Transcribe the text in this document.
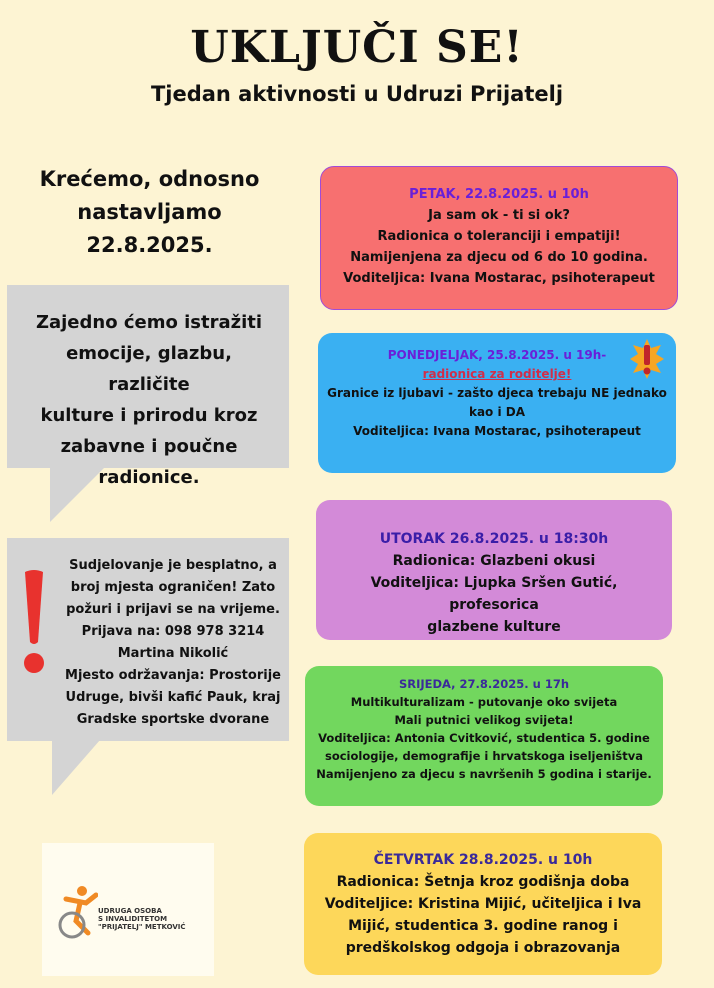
UKLJUČI SE!
Tjedan aktivnosti u Udruzi Prijatelj
Krećemo, odnosno
nastavljamo
22.8.2025.
Zajedno ćemo istražiti
emocije, glazbu, različite
kulture i prirodu kroz
zabavne i poučne
radionice.
Sudjelovanje je besplatno, a
broj mjesta ograničen! Zato
požuri i prijavi se na vrijeme.
Prijava na: 098 978 3214
Martina Nikolić
Mjesto održavanja: Prostorije
Udruge, bivši kafić Pauk, kraj
Gradske sportske dvorane
PETAK, 22.8.2025. u 10h
Ja sam ok - ti si ok?
Radionica o toleranciji i empatiji!
Namijenjena za djecu od 6 do 10 godina.
Voditeljica: Ivana Mostarac, psihoterapeut
PONEDJELJAK, 25.8.2025. u 19h-
radionica za roditelje!
Granice iz ljubavi - zašto djeca trebaju NE jednako
kao i DA
Voditeljica: Ivana Mostarac, psihoterapeut
UTORAK 26.8.2025. u 18:30h
Radionica: Glazbeni okusi
Voditeljica: Ljupka Sršen Gutić, profesorica
glazbene kulture
SRIJEDA, 27.8.2025. u 17h
Multikulturalizam - putovanje oko svijeta
Mali putnici velikog svijeta!
Voditeljica: Antonia Cvitković, studentica 5. godine
sociologije, demografije i hrvatskoga iseljeništva
Namijenjeno za djecu s navršenih 5 godina i starije.
ČETVRTAK 28.8.2025. u 10h
Radionica: Šetnja kroz godišnja doba
Voditeljice: Kristina Mijić, učiteljica i Iva
Mijić, studentica 3. godine ranog i
predškolskog odgoja i obrazovanja
UDRUGA OSOBA
S INVALIDITETOM
"PRIJATELJ" METKOVIĆ
